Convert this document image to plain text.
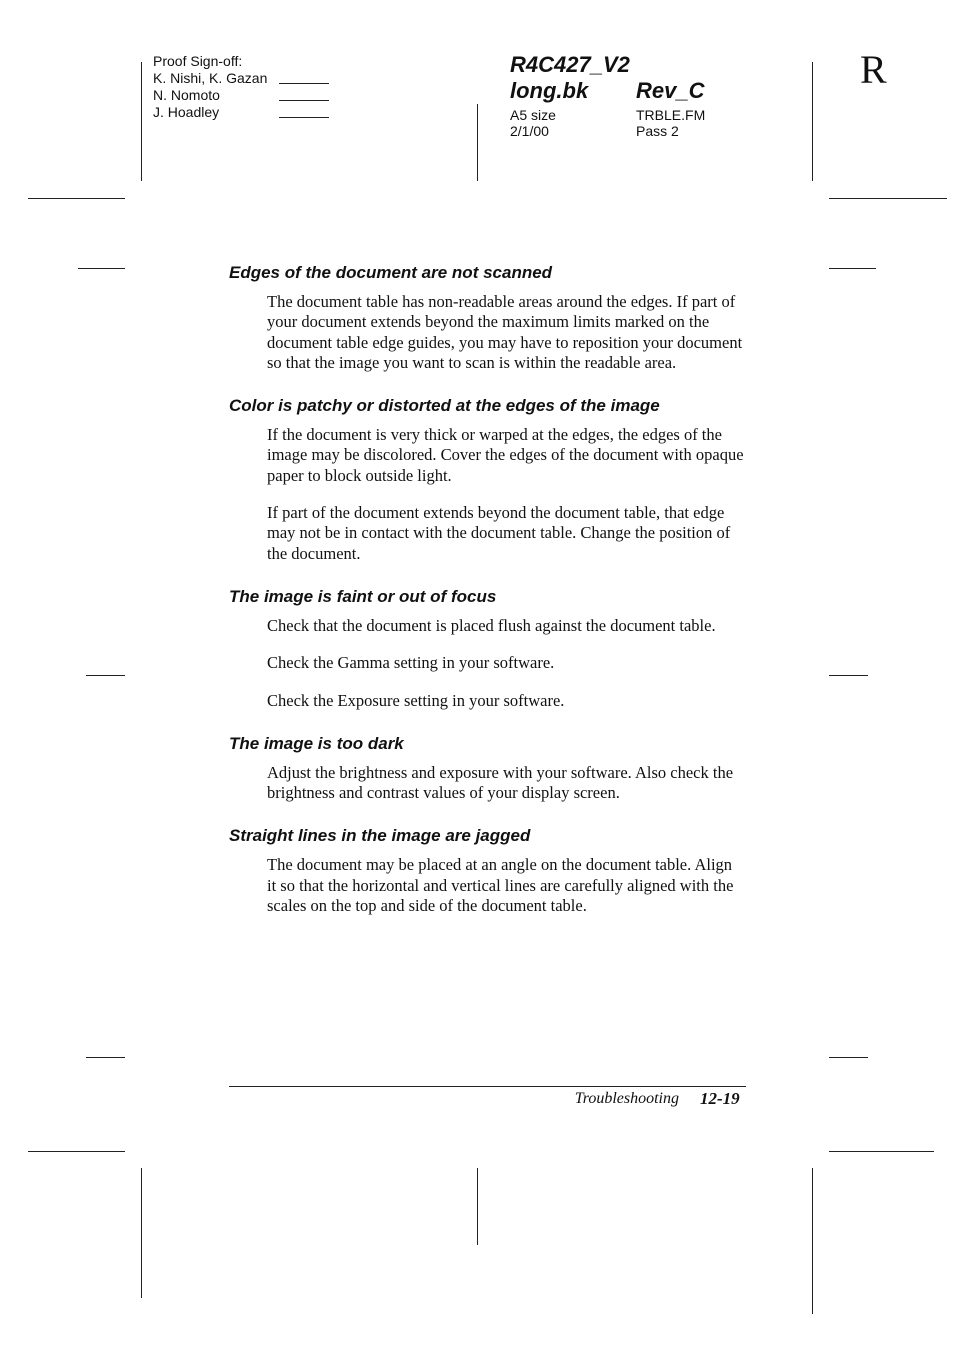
Proof Sign-off:
K. Nishi, K. Gazan
N. Nomoto
J. Hoadley
R4C427_V2
long.bk Rev_C
A5 size
2/1/00
TRBLE.FM
Pass 2
R
Edges of the document are not scanned

The document table has non-readable areas around the edges. If part of your document extends beyond the maximum limits marked on the document table edge guides, you may have to reposition your document so that the image you want to scan is within the readable area.

Color is patchy or distorted at the edges of the image

If the document is very thick or warped at the edges, the edges of the image may be discolored. Cover the edges of the document with opaque paper to block outside light.

If part of the document extends beyond the document table, that edge may not be in contact with the document table. Change the position of the document.

The image is faint or out of focus

Check that the document is placed flush against the document table.

Check the Gamma setting in your software.

Check the Exposure setting in your software.

The image is too dark

Adjust the brightness and exposure with your software. Also check the brightness and contrast values of your display screen.

Straight lines in the image are jagged

The document may be placed at an angle on the document table. Align it so that the horizontal and vertical lines are carefully aligned with the scales on the top and side of the document table.

Troubleshooting 12-19
